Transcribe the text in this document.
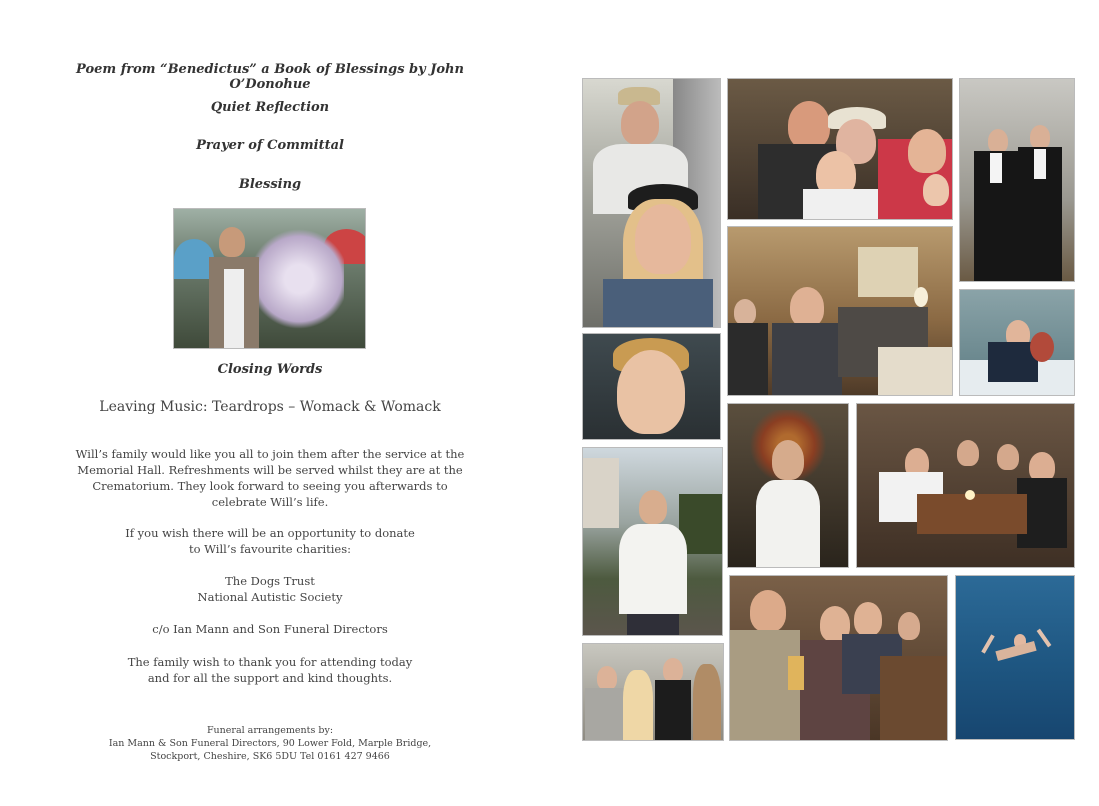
Poem from “Benedictus” a Book of Blessings by John O’Donohue
Quiet Reflection
Prayer of Committal
Blessing
Closing Words
Leaving Music: Teardrops – Womack & Womack
Will’s family would like you all to join them after the service at the
Memorial Hall. Refreshments will be served whilst they are at the
Crematorium. They look forward to seeing you afterwards to
celebrate Will’s life.
If you wish there will be an opportunity to donate
to Will’s favourite charities:
The Dogs Trust
National Autistic Society
c/o Ian Mann and Son Funeral Directors
The family wish to thank you for attending today
and for all the support and kind thoughts.
Funeral arrangements by:
Ian Mann & Son Funeral Directors, 90 Lower Fold, Marple Bridge,
Stockport, Cheshire, SK6 5DU Tel 0161 427 9466
